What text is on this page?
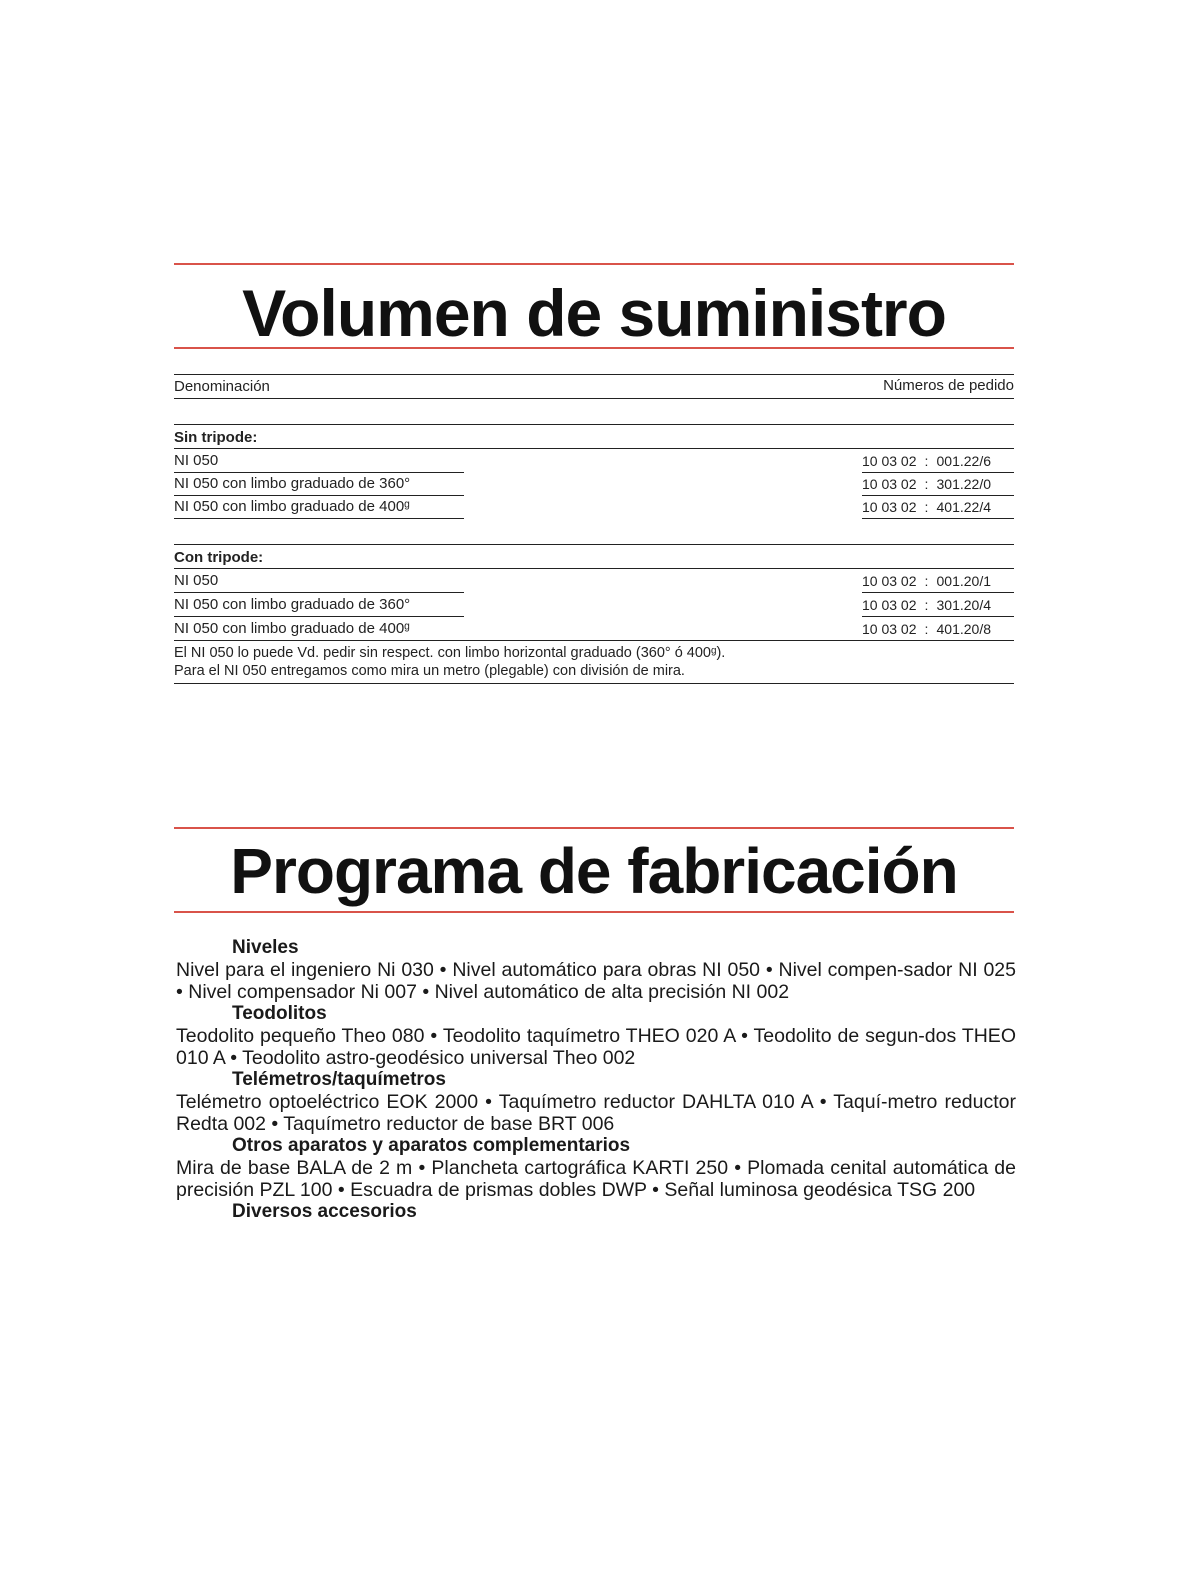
Volumen de suministro
Denominación	Números de pedido
Sin tripode:
NI 050	10 03 02 : 001.22/6
NI 050 con limbo graduado de 360°	10 03 02 : 301.22/0
NI 050 con limbo graduado de 400ᵍ	10 03 02 : 401.22/4
Con tripode:
NI 050	10 03 02 : 001.20/1
NI 050 con limbo graduado de 360°	10 03 02 : 301.20/4
NI 050 con limbo graduado de 400ᵍ	10 03 02 : 401.20/8
El NI 050 lo puede Vd. pedir sin respect. con limbo horizontal graduado (360° ó 400ᵍ).
Para el NI 050 entregamos como mira un metro (plegable) con división de mira.
Programa de fabricación
Niveles
Nivel para el ingeniero Ni 030 • Nivel automático para obras NI 050 • Nivel compen-sador NI 025 • Nivel compensador Ni 007 • Nivel automático de alta precisión NI 002
Teodolitos
Teodolito pequeño Theo 080 • Teodolito taquímetro THEO 020 A • Teodolito de segun-dos THEO 010 A • Teodolito astro-geodésico universal Theo 002
Telémetros/taquímetros
Telémetro optoeléctrico EOK 2000 • Taquímetro reductor DAHLTA 010 A • Taquí-metro reductor Redta 002 • Taquímetro reductor de base BRT 006
Otros aparatos y aparatos complementarios
Mira de base BALA de 2 m • Plancheta cartográfica KARTI 250 • Plomada cenital automática de precisión PZL 100 • Escuadra de prismas dobles DWP • Señal luminosa geodésica TSG 200
Diversos accesorios
